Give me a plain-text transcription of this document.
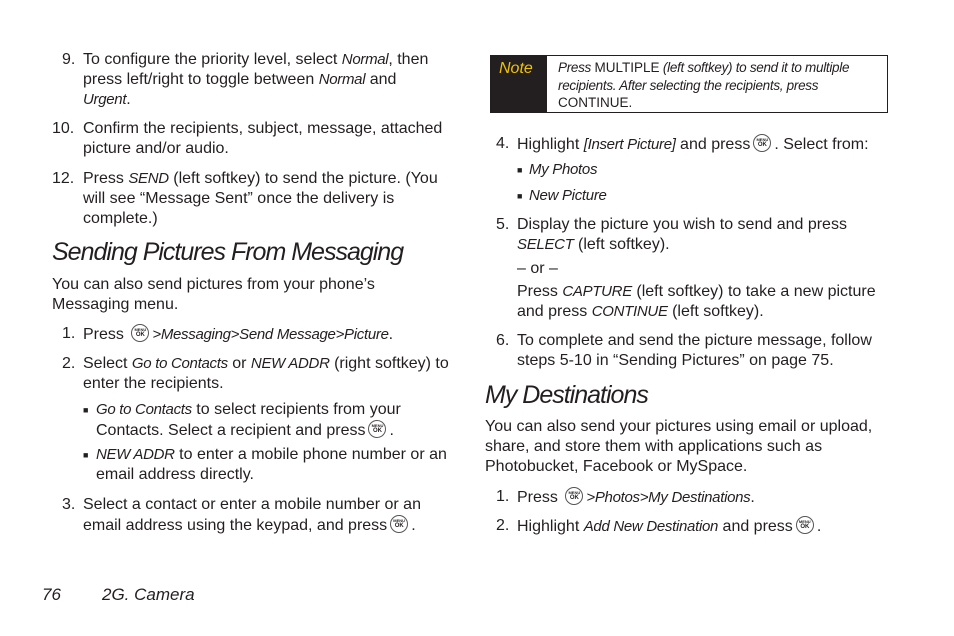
9. To configure the priority level, select Normal, then
press left/right to toggle between Normal and
Urgent.
10. Confirm the recipients, subject, message, attached
picture and/or audio.
12. Press SEND (left softkey) to send the picture. (You
will see “Message Sent” once the delivery is
complete.)
Sending Pictures From Messaging
You can also send pictures from your phone’s
Messaging menu.
1. Press	MENU
OK >Messaging>Send Message>Picture.
2. Select Go to Contacts or NEW ADDR (right softkey) to
enter the recipients.
■ Go to Contacts to select recipients from your
Contacts. Select a recipient and press	MENU
OK .
■ NEW ADDR to enter a mobile phone number or an
email address directly.
3. Select a contact or enter a mobile number or an
email address using the keypad, and press	MENU
OK .
Note Press MULTIPLE (left softkey) to send it to multiple
recipients. After selecting the recipients, press
CONTINUE.
4. Highlight [Insert Picture] and press	MENU
OK . Select from:
■ My Photos
■ New Picture
5. Display the picture you wish to send and press
SELECT (left softkey).
– or –
Press CAPTURE (left softkey) to take a new picture
and press CONTINUE (left softkey).
6. To complete and send the picture message, follow
steps 5-10 in “Sending Pictures” on page 75.
My Destinations
You can also send your pictures using email or upload,
share, and store them with applications such as
Photobucket, Facebook or MySpace.
1. Press	MENU
OK >Photos>My Destinations.
2. Highlight Add New Destination and press	MENU
OK .
76 2G. Camera
